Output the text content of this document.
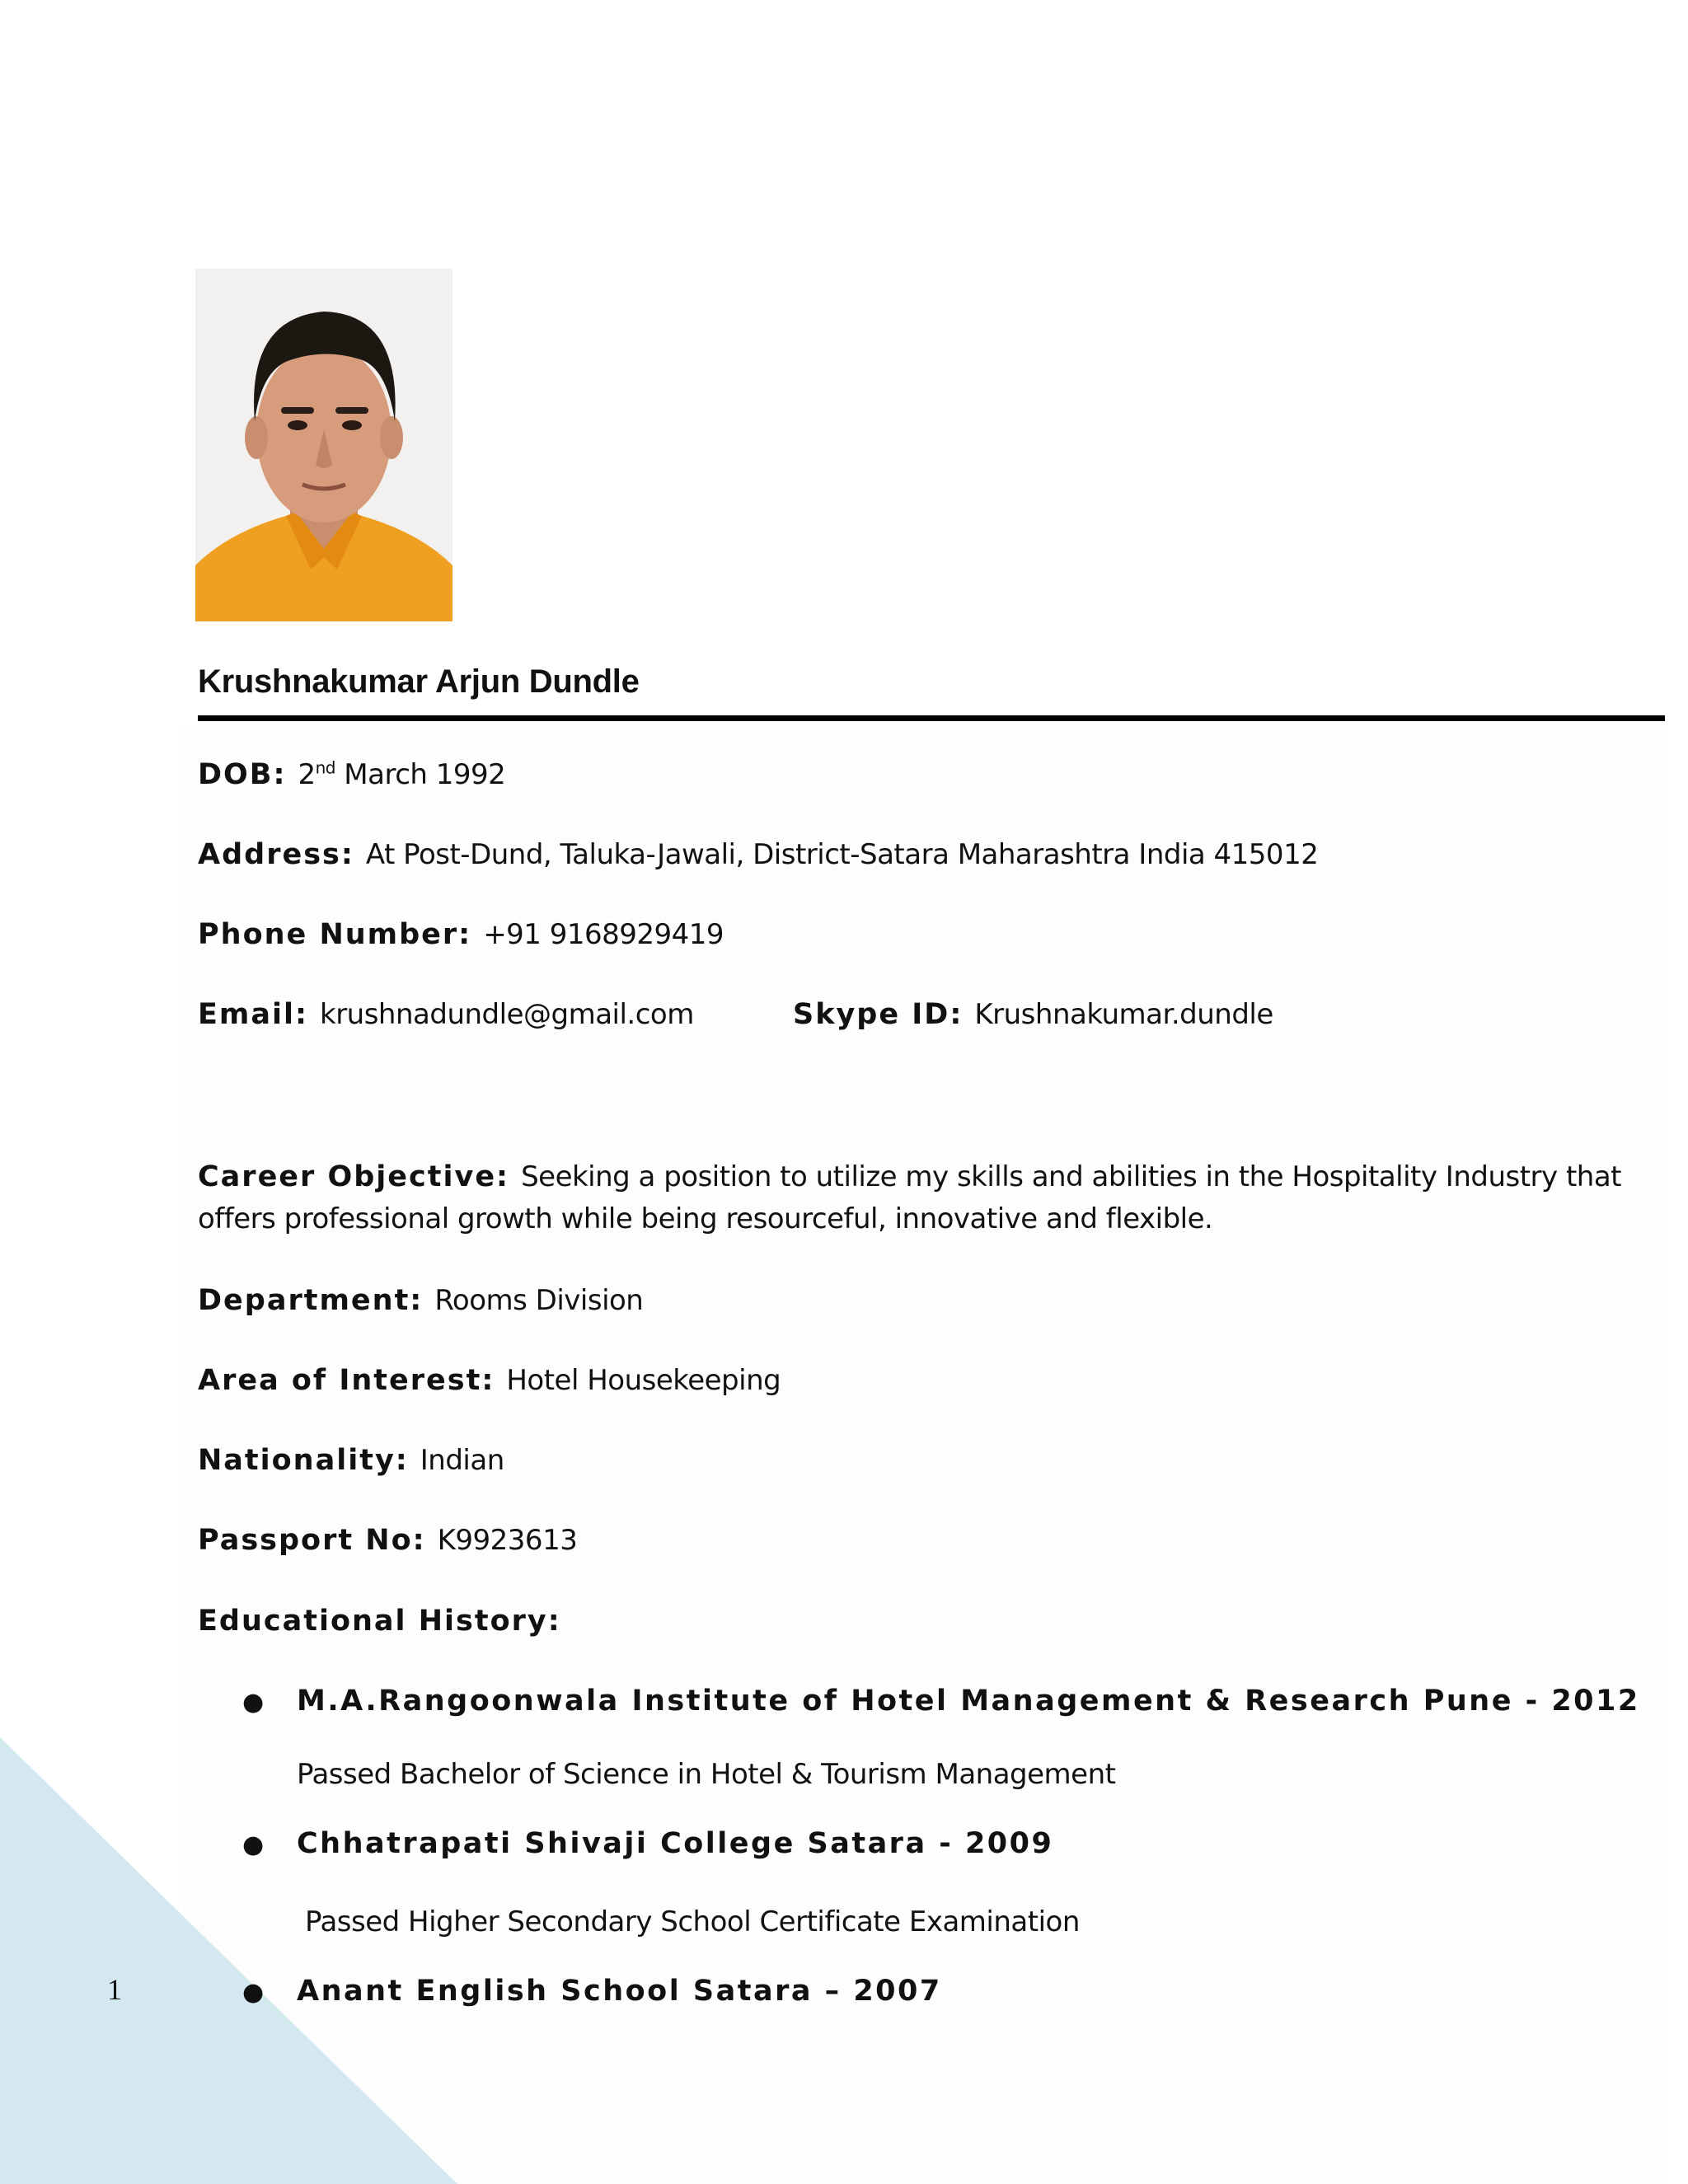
Krushnakumar Arjun Dundle
DOB: 2nd March 1992
Address: At Post-Dund, Taluka-Jawali, District-Satara Maharashtra India 415012
Phone Number: +91 9168929419
Email: krushnadundle@gmail.com	Skype ID: Krushnakumar.dundle
Career Objective: Seeking a position to utilize my skills and abilities in the Hospitality Industry that offers professional growth while being resourceful, innovative and flexible.
Department: Rooms Division
Area of Interest: Hotel Housekeeping
Nationality: Indian
Passport No: K9923613
Educational History:
● M.A.Rangoonwala Institute of Hotel Management & Research Pune - 2012
Passed Bachelor of Science in Hotel & Tourism Management
● Chhatrapati Shivaji College Satara - 2009
Passed Higher Secondary School Certificate Examination
● Anant English School Satara – 2007
1
